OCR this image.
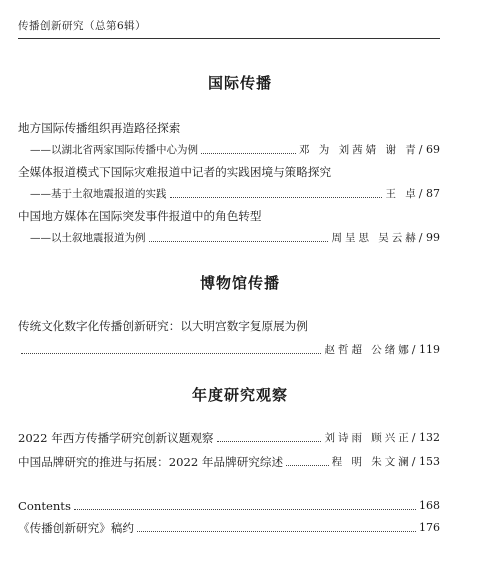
传播创新研究（总第6辑）
国际传播
地方国际传播组织再造路径探索
——以湖北省两家国际传播中心为例	邓 为 刘茜婧 谢 青 / 69
全媒体报道模式下国际灾难报道中记者的实践困境与策略探究
——基于土叙地震报道的实践	王 卓 / 87
中国地方媒体在国际突发事件报道中的角色转型
——以土叙地震报道为例	周呈思 吴云赫 / 99
博物馆传播
传统文化数字化传播创新研究：以大明宫数字复原展为例
赵哲超 公绪娜 / 119
年度研究观察
2022 年西方传播学研究创新议题观察	刘诗雨 顾兴正 / 132
中国品牌研究的推进与拓展：2022 年品牌研究综述	程 明 朱文澜 / 153
Contents	168
《传播创新研究》稿约	176
